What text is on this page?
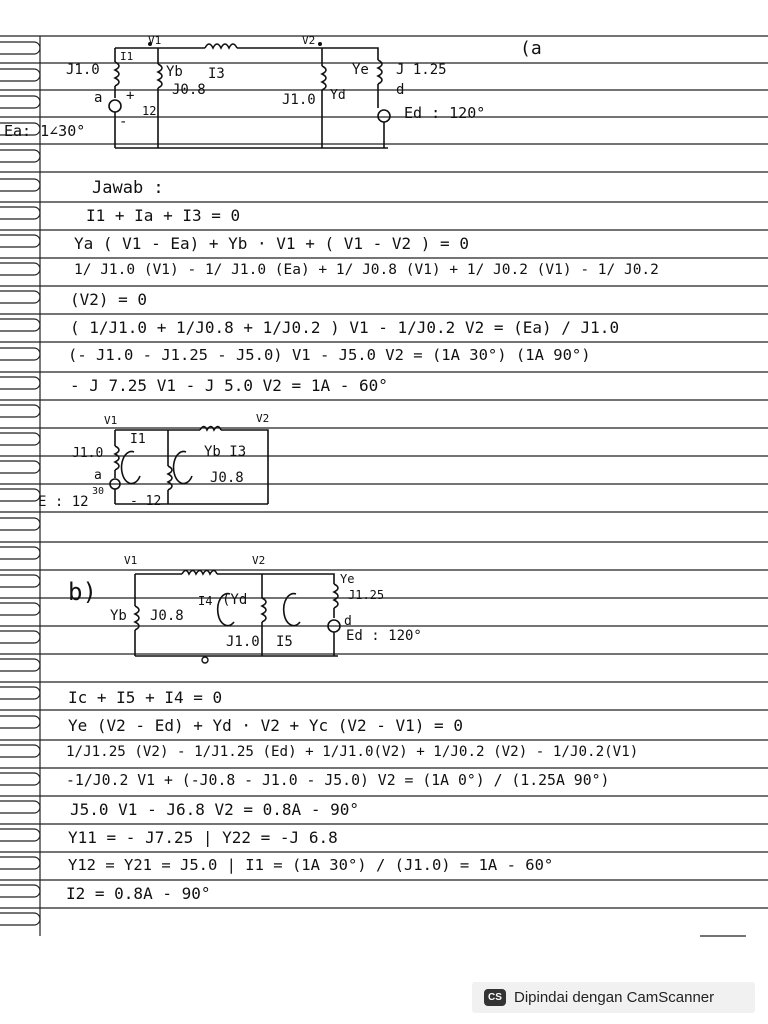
V1	V2
I1
J1.0
a +
-
12
Yb
J0.8
I3
J1.0 Yd
Ye J 1.25
d
Ed : 120°
Ea: 1∠30°
(a
Jawab :
I1 + Ia + I3 = 0
Ya ( V1 - Ea) + Yb · V1 + ( V1 - V2 ) = 0
1/ J1.0 (V1) - 1/ J1.0 (Ea) + 1/ J0.8 (V1) + 1/ J0.2 (V1) - 1/ J0.2
(V2) = 0
( 1/J1.0 + 1/J0.8 + 1/J0.2 ) V1 - 1/J0.2 V2 = (Ea) / J1.0
(- J1.0 - J1.25 - J5.0) V1 - J5.0 V2 = (1A 30°) (1A 90°)
- J 7.25 V1 - J 5.0 V2 = 1A - 60°
V1	V2
J1.0
I1
a
Yb I3
J0.8
E : 12
30
- 12
b)
V1	V2
Yb J0.8
I4 (Yd
J1.0 I5
Ye
J1.25
d
Ed : 120°
Ic + I5 + I4 = 0
Ye (V2 - Ed) + Yd · V2 + Yc (V2 - V1) = 0
1/J1.25 (V2) - 1/J1.25 (Ed) + 1/J1.0(V2) + 1/J0.2 (V2) - 1/J0.2(V1)
-1/J0.2 V1 + (-J0.8 - J1.0 - J5.0) V2 = (1A 0°) / (1.25A 90°)
J5.0 V1 - J6.8 V2 = 0.8A - 90°
Y11 = - J7.25 | Y22 = -J 6.8
Y12 = Y21 = J5.0 | I1 = (1A 30°) / (J1.0) = 1A - 60°
I2 = 0.8A - 90°
CS Dipindai dengan CamScanner
